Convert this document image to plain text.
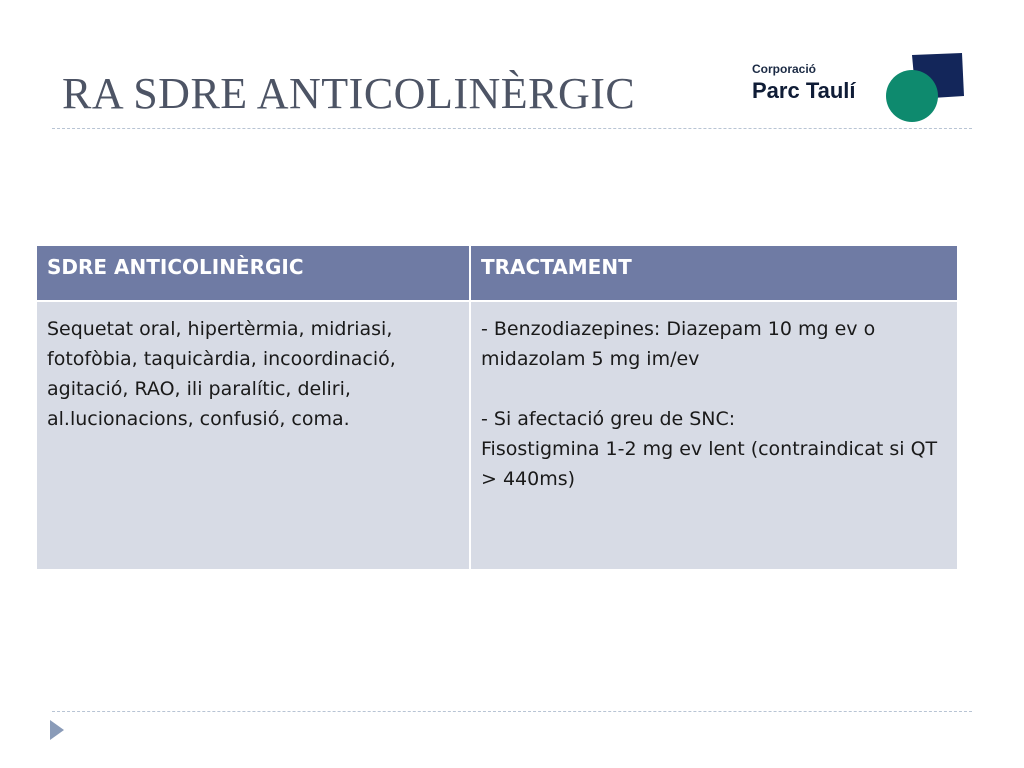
RA SDRE ANTICOLINÈRGIC	Corporació
Parc Taulí
SDRE ANTICOLINÈRGIC	TRACTAMENT
Sequetat oral, hipertèrmia, midriasi, fotofòbia, taquicàrdia, incoordinació, agitació, RAO, ili paralític, deliri, al.lucionacions, confusió, coma.
- Benzodiazepines: Diazepam 10 mg ev o midazolam 5 mg im/ev

- Si afectació greu de SNC:
Fisostigmina 1-2 mg ev lent (contraindicat si QT > 440ms)
